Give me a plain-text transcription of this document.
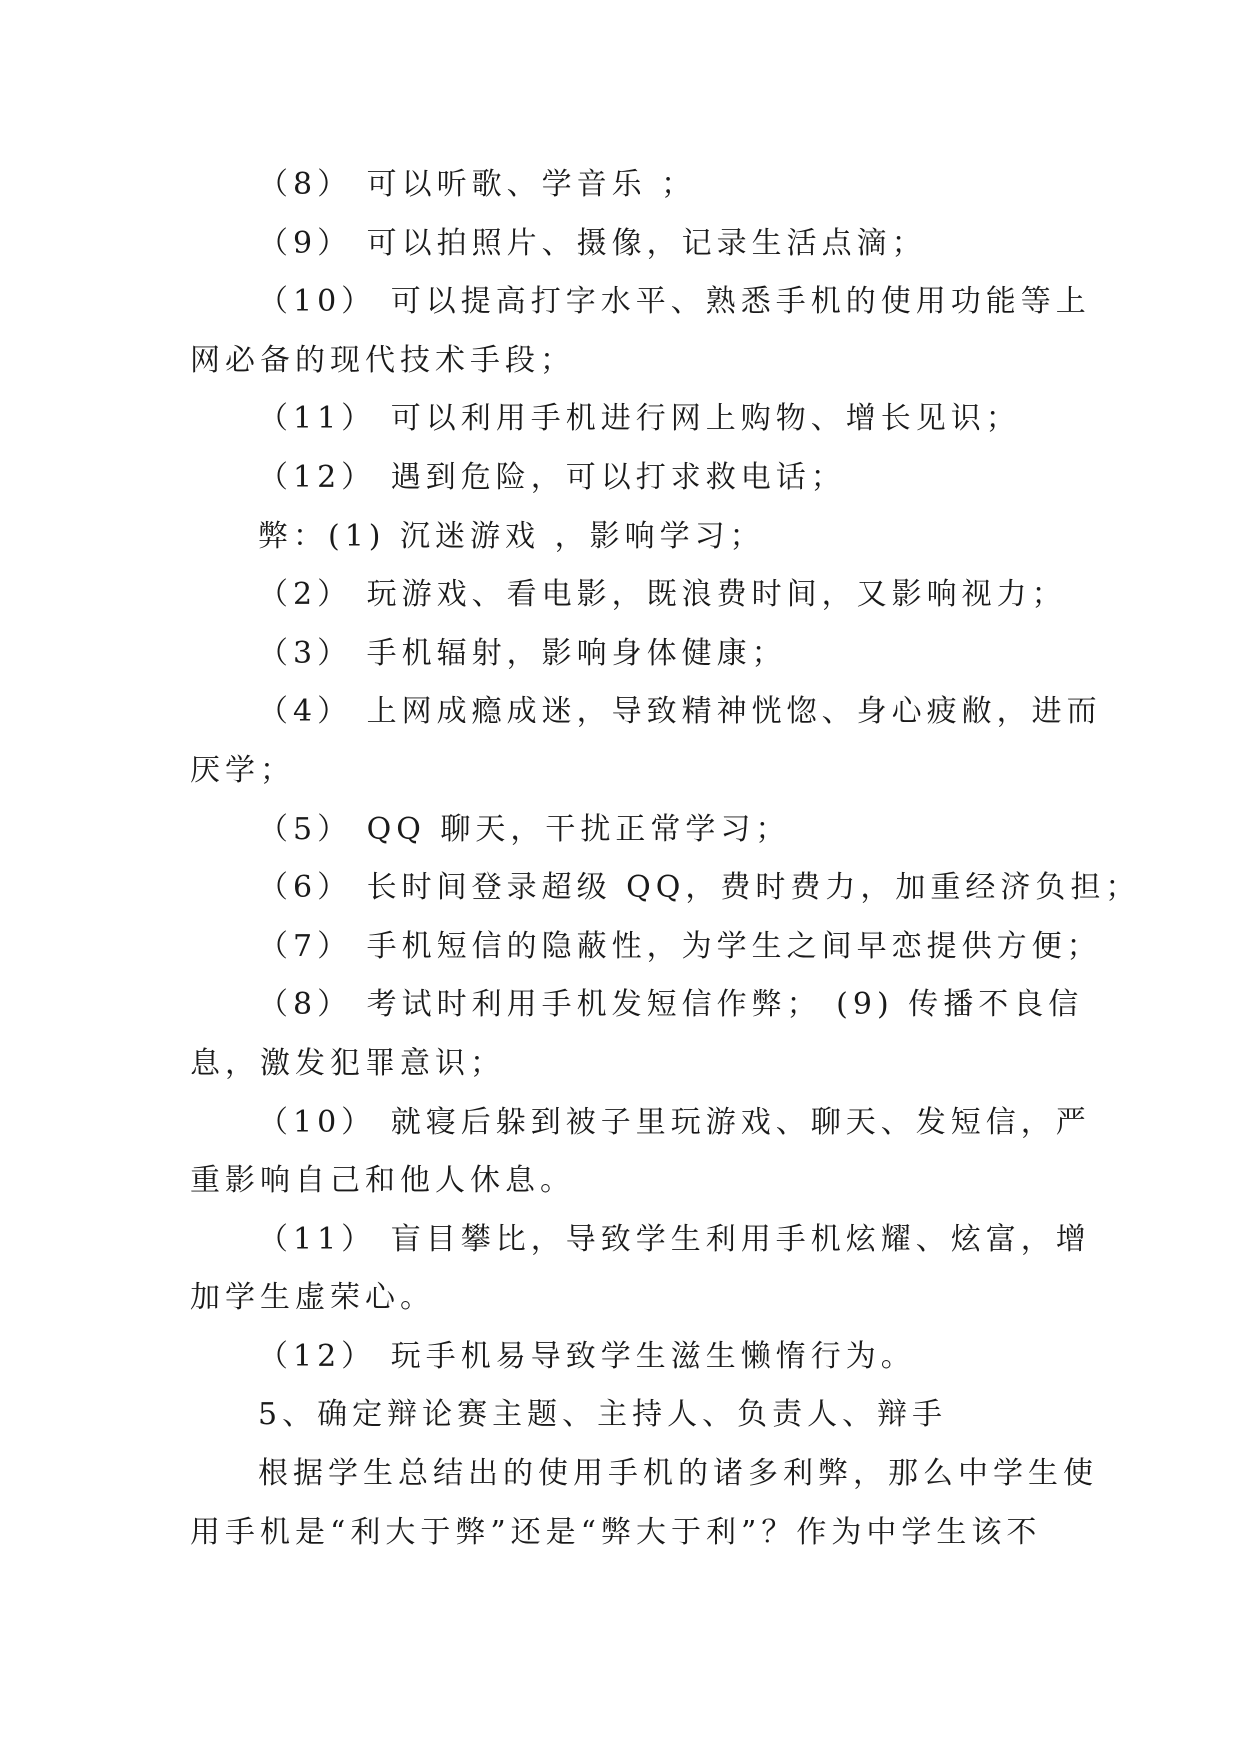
（8） 可以听歌、学音乐 ；
（9） 可以拍照片、摄像，记录生活点滴；
（10） 可以提高打字水平、熟悉手机的使用功能等上
网必备的现代技术手段；
（11） 可以利用手机进行网上购物、增长见识；
（12） 遇到危险，可以打求救电话；
弊：(1) 沉迷游戏 ，影响学习；
（2） 玩游戏、看电影，既浪费时间，又影响视力；
（3） 手机辐射，影响身体健康；
（4） 上网成瘾成迷，导致精神恍惚、身心疲敝，进而
厌学；
（5） QQ 聊天，干扰正常学习；
（6） 长时间登录超级 QQ，费时费力，加重经济负担；
（7） 手机短信的隐蔽性，为学生之间早恋提供方便；
（8） 考试时利用手机发短信作弊； (9) 传播不良信
息，激发犯罪意识；
（10） 就寝后躲到被子里玩游戏、聊天、发短信，严
重影响自己和他人休息。
（11） 盲目攀比，导致学生利用手机炫耀、炫富，增
加学生虚荣心。
（12） 玩手机易导致学生滋生懒惰行为。
5、确定辩论赛主题、主持人、负责人、辩手
根据学生总结出的使用手机的诸多利弊，那么中学生使
用手机是“利大于弊”还是“弊大于利”？作为中学生该不
